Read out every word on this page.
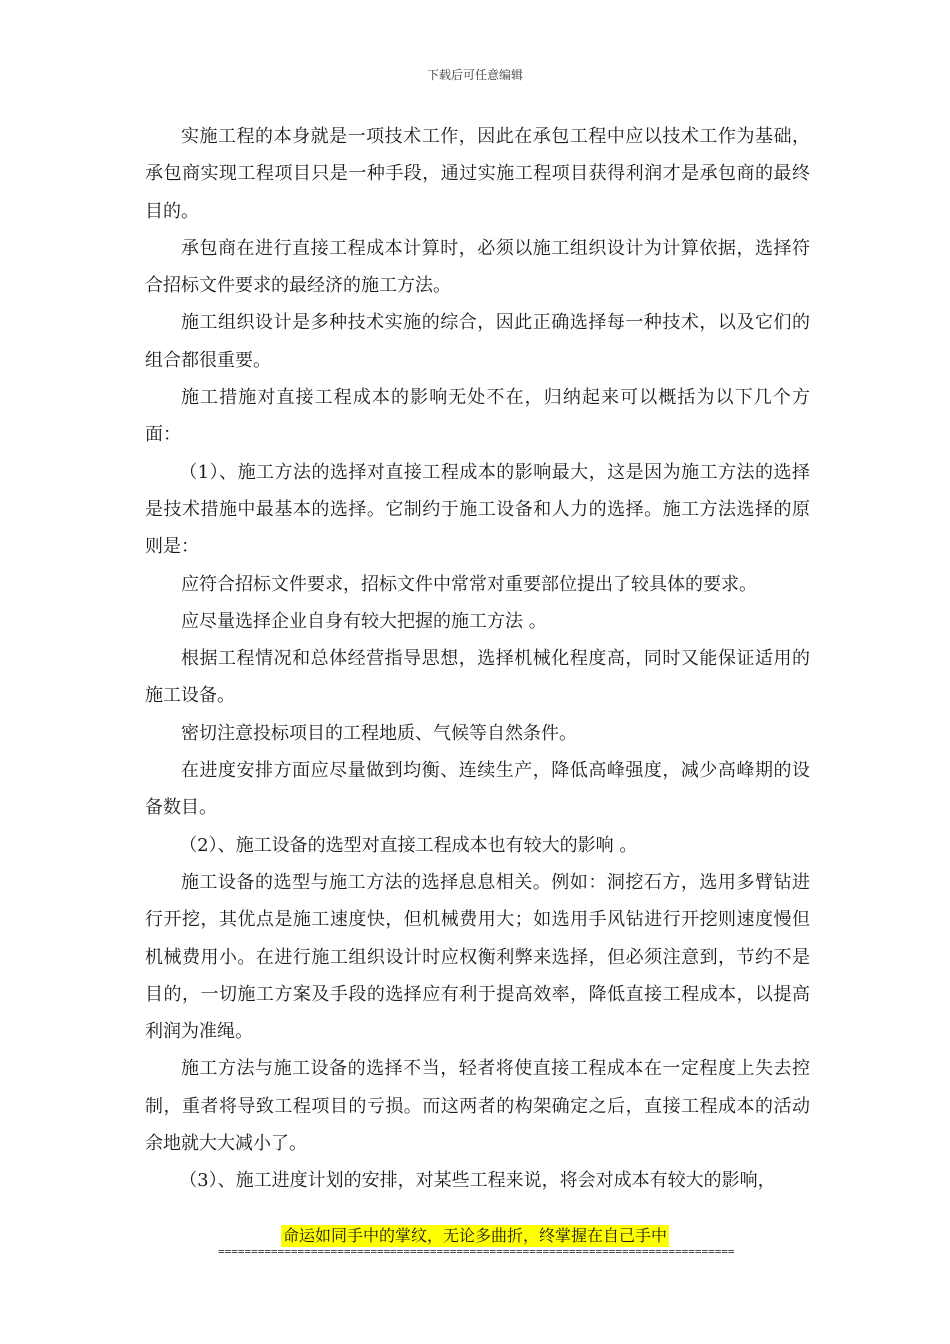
下载后可任意编辑

实施工程的本身就是一项技术工作，因此在承包工程中应以技术工作为基础，承包商实现工程项目只是一种手段，通过实施工程项目获得利润才是承包商的最终目的。

承包商在进行直接工程成本计算时，必须以施工组织设计为计算依据，选择符合招标文件要求的最经济的施工方法。

施工组织设计是多种技术实施的综合，因此正确选择每一种技术，以及它们的组合都很重要。

施工措施对直接工程成本的影响无处不在，归纳起来可以概括为以下几个方面：

（1）、施工方法的选择对直接工程成本的影响最大，这是因为施工方法的选择是技术措施中最基本的选择。它制约于施工设备和人力的选择。施工方法选择的原则是：

应符合招标文件要求，招标文件中常常对重要部位提出了较具体的要求。

应尽量选择企业自身有较大把握的施工方法 。

根据工程情况和总体经营指导思想，选择机械化程度高，同时又能保证适用的施工设备。

密切注意投标项目的工程地质、气候等自然条件。

在进度安排方面应尽量做到均衡、连续生产，降低高峰强度，减少高峰期的设备数目。

（2）、施工设备的选型对直接工程成本也有较大的影响 。

施工设备的选型与施工方法的选择息息相关。例如：洞挖石方，选用多臂钻进行开挖，其优点是施工速度快，但机械费用大；如选用手风钻进行开挖则速度慢但机械费用小。在进行施工组织设计时应权衡利弊来选择，但必须注意到，节约不是目的，一切施工方案及手段的选择应有利于提高效率，降低直接工程成本，以提高利润为准绳。

施工方法与施工设备的选择不当，轻者将使直接工程成本在一定程度上失去控制，重者将导致工程项目的亏损。而这两者的构架确定之后，直接工程成本的活动余地就大大减小了。

（3）、施工进度计划的安排，对某些工程来说，将会对成本有较大的影响，

命运如同手中的掌纹，无论多曲折，终掌握在自己手中
==============================================================================
